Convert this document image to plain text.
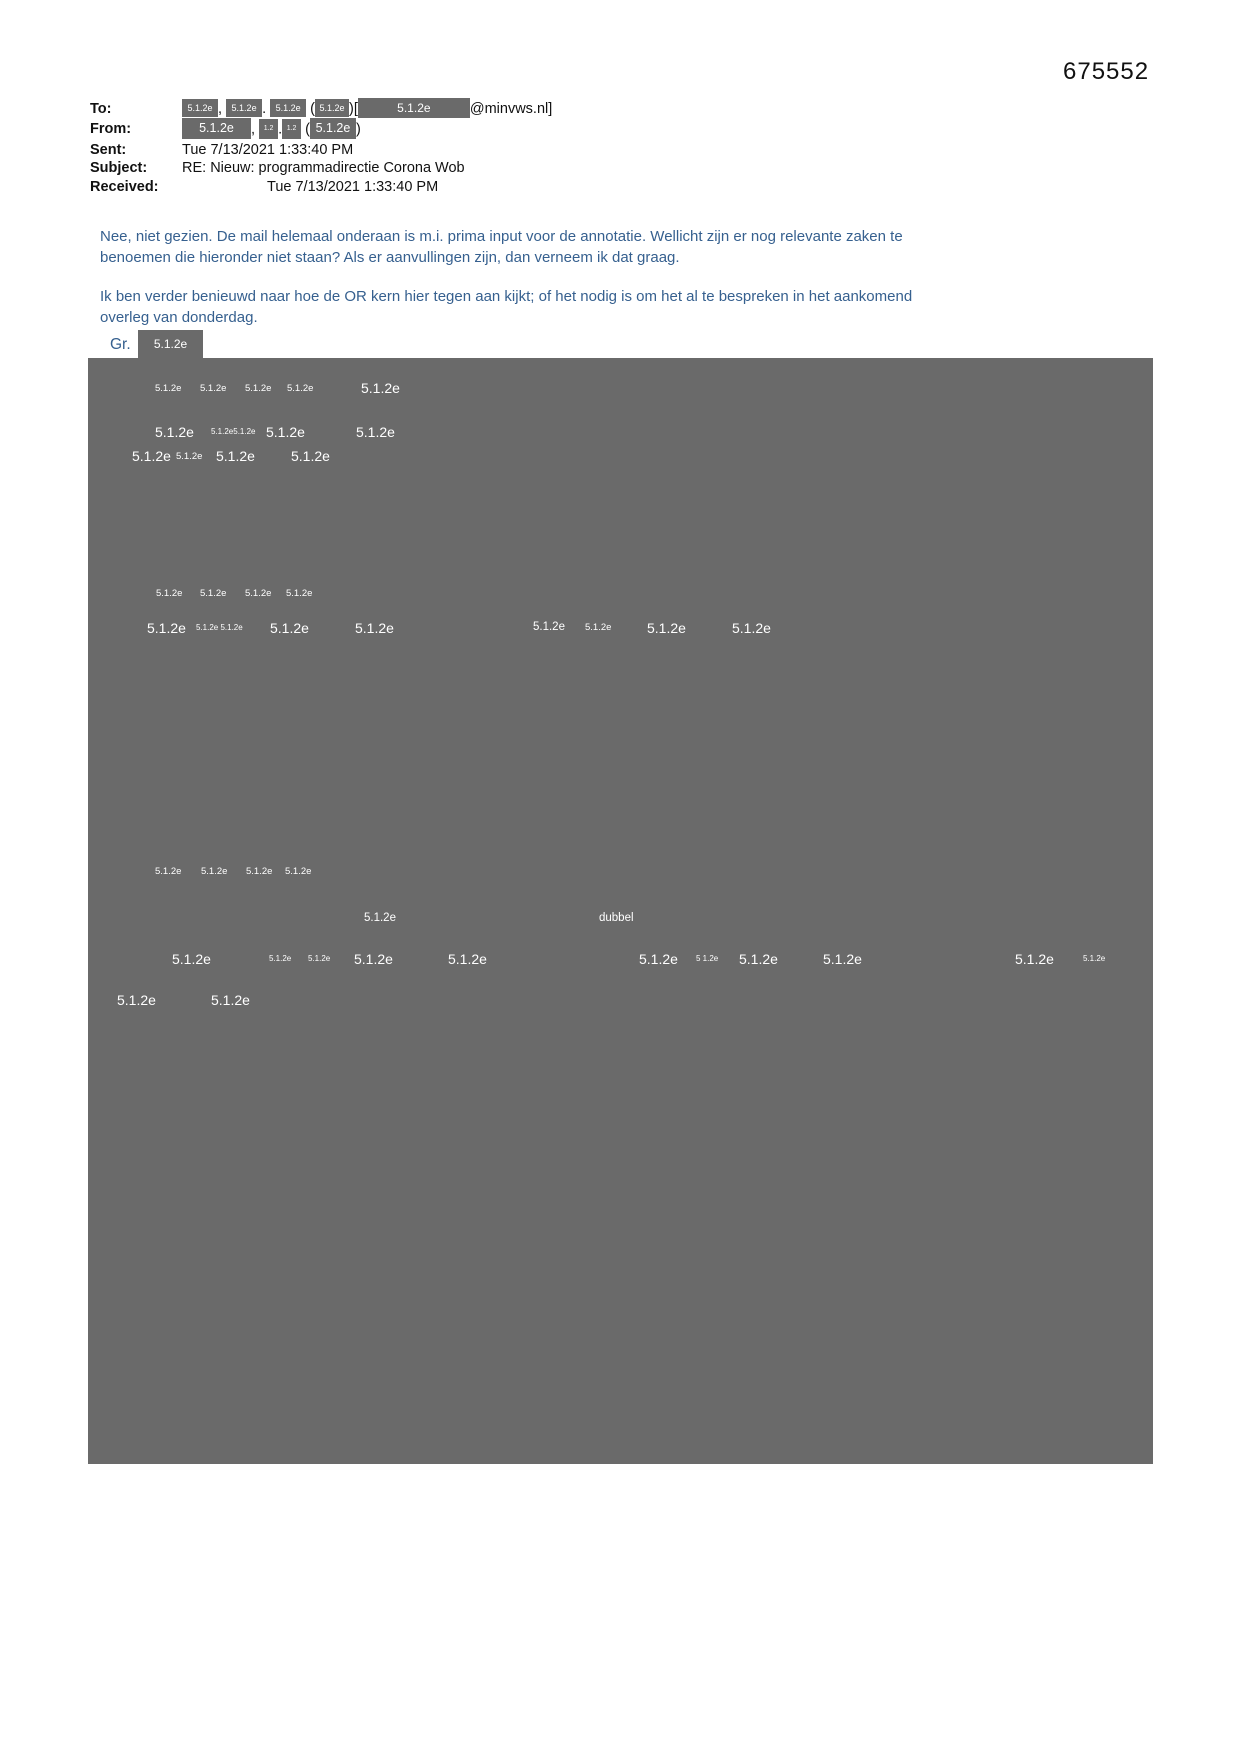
675552
To:	5.1.2e , 5.1.2e . 5.1.2e ( 5.1.2e )[	5.1.2e	@minvws.nl]
From:	5.1.2e , 1.2 . 1.2 ( 5.1.2e )
Sent:	Tue 7/13/2021 1:33:40 PM
Subject: RE: Nieuw: programmadirectie Corona Wob
Received:	Tue 7/13/2021 1:33:40 PM
Nee, niet gezien. De mail helemaal onderaan is m.i. prima input voor de annotatie. Wellicht zijn er nog relevante zaken te
benoemen die hieronder niet staan? Als er aanvullingen zijn, dan verneem ik dat graag.
Ik ben verder benieuwd naar hoe de OR kern hier tegen aan kijkt; of het nodig is om het al te bespreken in het aankomend
overleg van donderdag.
Gr.	5.1.2e
5.1.2e 5.1.2e 5.1.2e 5.1.2e	5.1.2e
5.1.2e 5.1.2e5.1.2e 5.1.2e	5.1.2e
5.1.2e 5.1.2e 5.1.2e	5.1.2e
5.1.2e 5.1.2e 5.1.2e 5.1.2e
5.1.2e 5.1.2e 5.1.2e 5.1.2e	5.1.2e	5.1.2e 5.1.2e	5.1.2e	5.1.2e
5.1.2e 5.1.2e 5.1.2e 5.1.2e
5.1.2e	dubbel
5.1.2e	5.1.2e 5.1.2e 5.1.2e	5.1.2e	5.1.2e 5 1.2e 5.1.2e	5.1.2e	5.1.2e	5.1.2e
5.1.2e	5.1.2e
